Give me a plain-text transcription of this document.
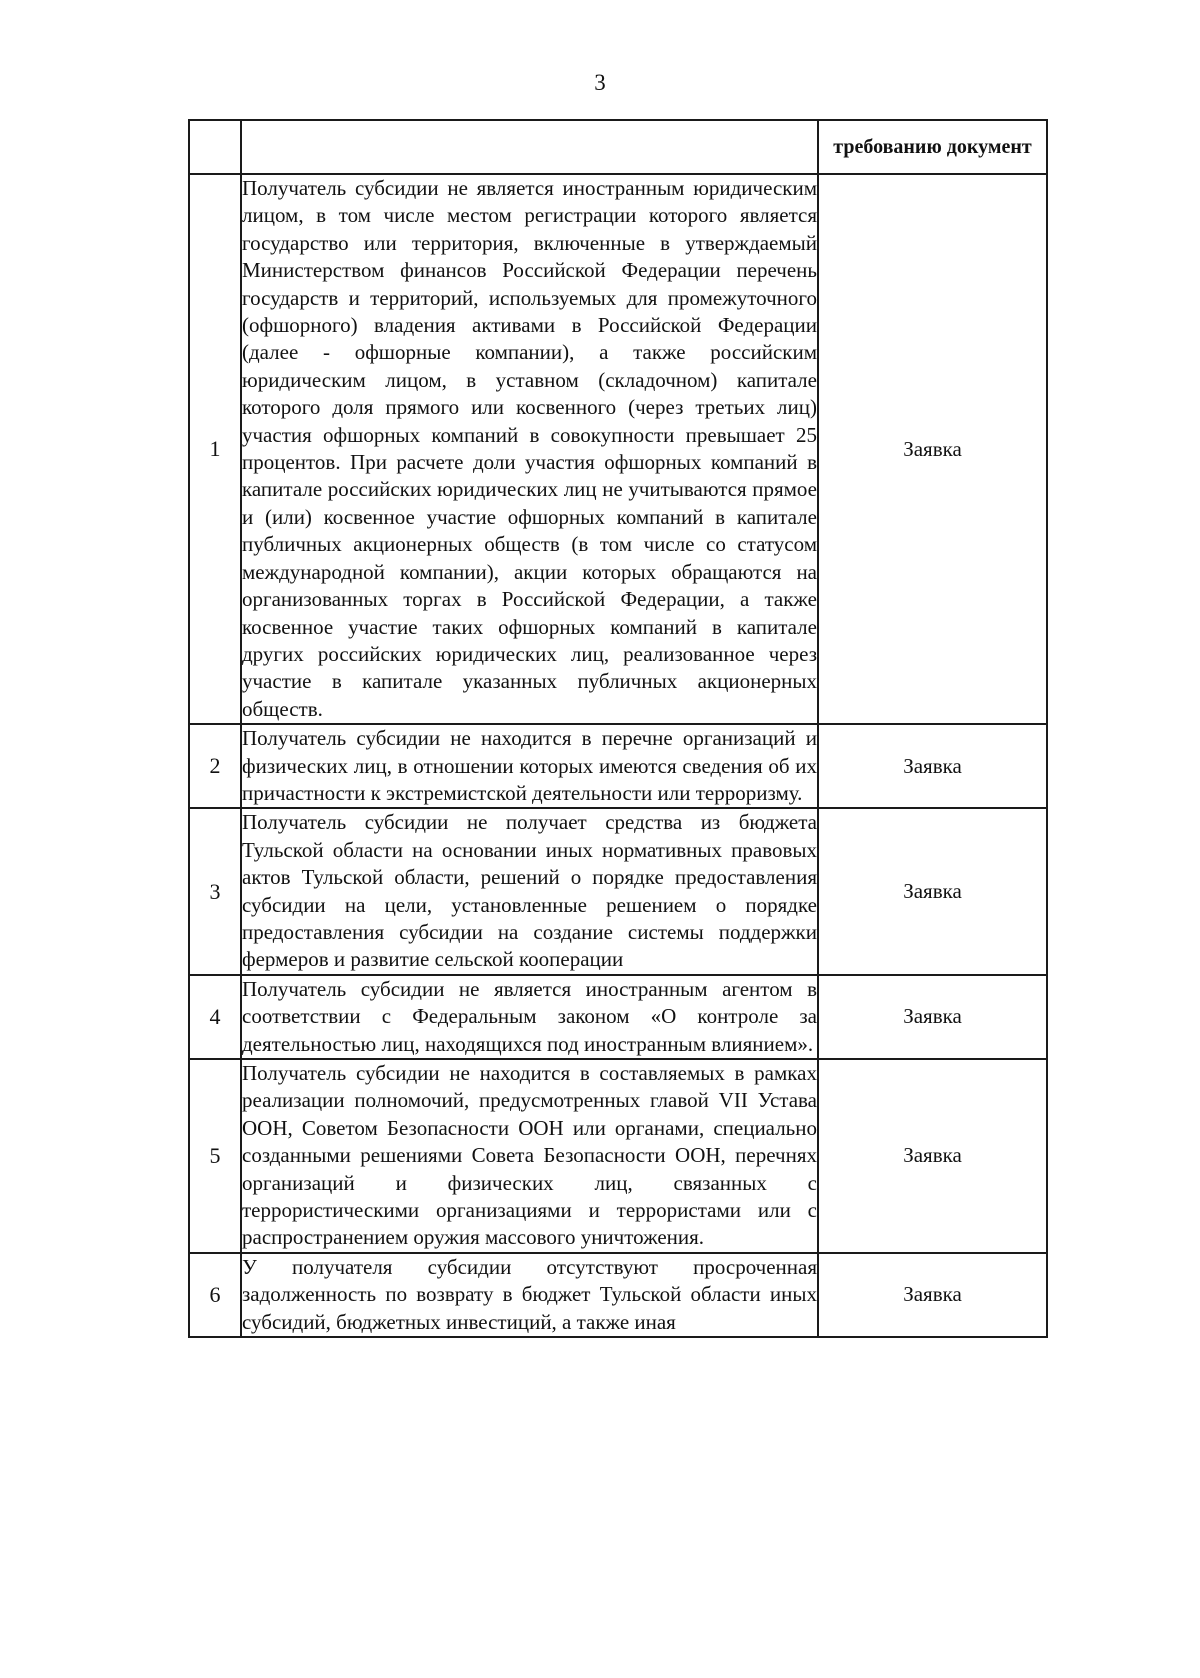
3
		требованию документ
1	Получатель субсидии не является иностранным юридическим лицом, в том числе местом регистрации которого является государство или территория, включенные в утверждаемый Министерством финансов Российской Федерации перечень государств и территорий, используемых для промежуточного (офшорного) владения активами в Российской Федерации (далее - офшорные компании), а также российским юридическим лицом, в уставном (складочном) капитале которого доля прямого или косвенного (через третьих лиц) участия офшорных компаний в совокупности превышает 25 процентов. При расчете доли участия офшорных компаний в капитале российских юридических лиц не учитываются прямое и (или) косвенное участие офшорных компаний в капитале публичных акционерных обществ (в том числе со статусом международной компании), акции которых обращаются на организованных торгах в Российской Федерации, а также косвенное участие таких офшорных компаний в капитале других российских юридических лиц, реализованное через участие в капитале указанных публичных акционерных обществ.	Заявка
2	Получатель субсидии не находится в перечне организаций и физических лиц, в отношении которых имеются сведения об их причастности к экстремистской деятельности или терроризму.	Заявка
3	Получатель субсидии не получает средства из бюджета Тульской области на основании иных нормативных правовых актов Тульской области, решений о порядке предоставления субсидии на цели, установленные решением о порядке предоставления субсидии на создание системы поддержки фермеров и развитие сельской кооперации	Заявка
4	Получатель субсидии не является иностранным агентом в соответствии с Федеральным законом «О контроле за деятельностью лиц, находящихся под иностранным влиянием».	Заявка
5	Получатель субсидии не находится в составляемых в рамках реализации полномочий, предусмотренных главой VII Устава ООН, Советом Безопасности ООН или органами, специально созданными решениями Совета Безопасности ООН, перечнях организаций и физических лиц, связанных с террористическими организациями и террористами или с распространением оружия массового уничтожения.	Заявка
6	У получателя субсидии отсутствуют просроченная задолженность по возврату в бюджет Тульской области иных субсидий, бюджетных инвестиций, а также иная	Заявка
